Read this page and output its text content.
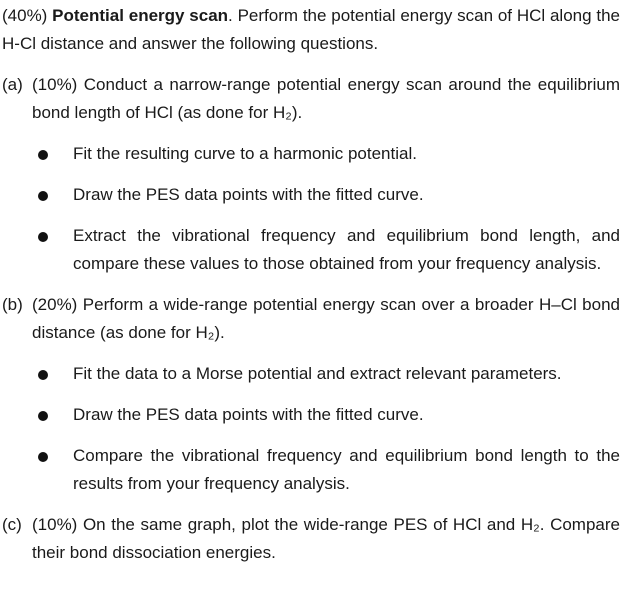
(40%) Potential energy scan. Perform the potential energy scan of HCl along the H-Cl distance and answer the following questions.

(a) (10%) Conduct a narrow-range potential energy scan around the equilibrium bond length of HCl (as done for H₂).

Fit the resulting curve to a harmonic potential.

Draw the PES data points with the fitted curve.

Extract the vibrational frequency and equilibrium bond length, and compare these values to those obtained from your frequency analysis.

(b) (20%) Perform a wide-range potential energy scan over a broader H–Cl bond distance (as done for H₂).

Fit the data to a Morse potential and extract relevant parameters.

Draw the PES data points with the fitted curve.

Compare the vibrational frequency and equilibrium bond length to the results from your frequency analysis.

(c) (10%) On the same graph, plot the wide-range PES of HCl and H₂. Compare their bond dissociation energies.
